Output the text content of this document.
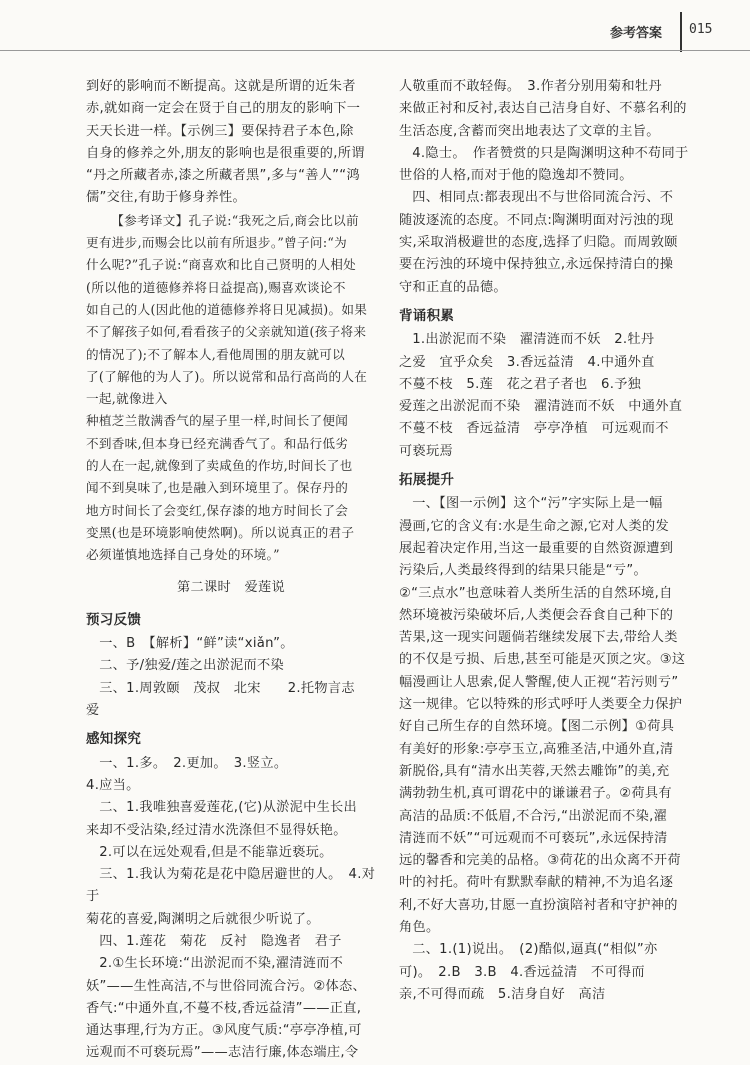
参考答案 015

到好的影响而不断提高。这就是所谓的近朱者

赤,就如商一定会在贤于自己的朋友的影响下一

天天长进一样。【示例三】要保持君子本色,除

自身的修养之外,朋友的影响也是很重要的,所谓

“丹之所藏者赤,漆之所藏者黑”,多与“善人”“鸿

儒”交往,有助于修身养性。

【参考译文】孔子说:“我死之后,商会比以前

更有进步,而赐会比以前有所退步。”曾子问:“为

什么呢?”孔子说:“商喜欢和比自己贤明的人相处

(所以他的道德修养将日益提高),赐喜欢谈论不

如自己的人(因此他的道德修养将日见减损)。如果

不了解孩子如何,看看孩子的父亲就知道(孩子将来

的情况了);不了解本人,看他周围的朋友就可以

了(了解他的为人了)。所以说常和品行高尚的人在一起,就像进入

种植芝兰散满香气的屋子里一样,时间长了便闻

不到香味,但本身已经充满香气了。和品行低劣

的人在一起,就像到了卖咸鱼的作坊,时间长了也

闻不到臭味了,也是融入到环境里了。保存丹的

地方时间长了会变红,保存漆的地方时间长了会

变黑(也是环境影响使然啊)。所以说真正的君子

必须谨慎地选择自己身处的环境。”

第二课时　爱莲说

预习反馈

一、B　【解析】“鲜”读“xiǎn”。

二、予/独爱/莲之出淤泥而不染

三、1.周敦颐　茂叔　北宋　　2.托物言志　爱

感知探究

一、1.多。　2.更加。　3.竖立。

4.应当。

二、1.我唯独喜爱莲花,(它)从淤泥中生长出

来却不受沾染,经过清水洗涤但不显得妖艳。

2.可以在远处观看,但是不能靠近亵玩。

三、1.我认为菊花是花中隐居避世的人。　4.对于

菊花的喜爱,陶渊明之后就很少听说了。

四、1.莲花　菊花　反衬　隐逸者　君子

2.①生长环境:“出淤泥而不染,濯清涟而不

妖”——生性高洁,不与世俗同流合污。②体态、

香气:“中通外直,不蔓不枝,香远益清”——正直,

通达事理,行为方正。③风度气质:“亭亭净植,可

远观而不可亵玩焉”——志洁行廉,体态端庄,令

人敬重而不敢轻侮。　3.作者分别用菊和牡丹

来做正衬和反衬,表达自己洁身自好、不慕名利的

生活态度,含蓄而突出地表达了文章的主旨。

4.隐士。　作者赞赏的只是陶渊明这种不苟同于

世俗的人格,而对于他的隐逸却不赞同。

四、相同点:都表现出不与世俗同流合污、不

随波逐流的态度。不同点:陶渊明面对污浊的现

实,采取消极避世的态度,选择了归隐。而周敦颐

要在污浊的环境中保持独立,永远保持清白的操

守和正直的品德。

背诵积累

1.出淤泥而不染　濯清涟而不妖　2.牡丹

之爱　宜乎众矣　3.香远益清　4.中通外直

不蔓不枝　5.莲　花之君子者也　6.予独

爱莲之出淤泥而不染　濯清涟而不妖　中通外直

不蔓不枝　香远益清　亭亭净植　可远观而不

可亵玩焉

拓展提升

一、【图一示例】这个“污”字实际上是一幅

漫画,它的含义有:水是生命之源,它对人类的发

展起着决定作用,当这一最重要的自然资源遭到

污染后,人类最终得到的结果只能是“亏”。

②“三点水”也意味着人类所生活的自然环境,自

然环境被污染破坏后,人类便会吞食自己种下的

苦果,这一现实问题倘若继续发展下去,带给人类

的不仅是亏损、后患,甚至可能是灭顶之灾。③这

幅漫画让人思索,促人警醒,使人正视“若污则亏”

这一规律。它以特殊的形式呼吁人类要全力保护

好自己所生存的自然环境。【图二示例】①荷具

有美好的形象:亭亭玉立,高雅圣洁,中通外直,清

新脱俗,具有“清水出芙蓉,天然去雕饰”的美,充

满勃勃生机,真可谓花中的谦谦君子。②荷具有

高洁的品质:不低眉,不合污,“出淤泥而不染,濯

清涟而不妖”“可远观而不可亵玩”,永远保持清

远的馨香和完美的品格。③荷花的出众离不开荷

叶的衬托。荷叶有默默奉献的精神,不为追名逐

利,不好大喜功,甘愿一直扮演陪衬者和守护神的

角色。

二、1.(1)说出。　(2)酷似,逼真(“相似”亦

可)。　2.B　3.B　4.香远益清　不可得而

亲,不可得而疏　5.洁身自好　高洁
